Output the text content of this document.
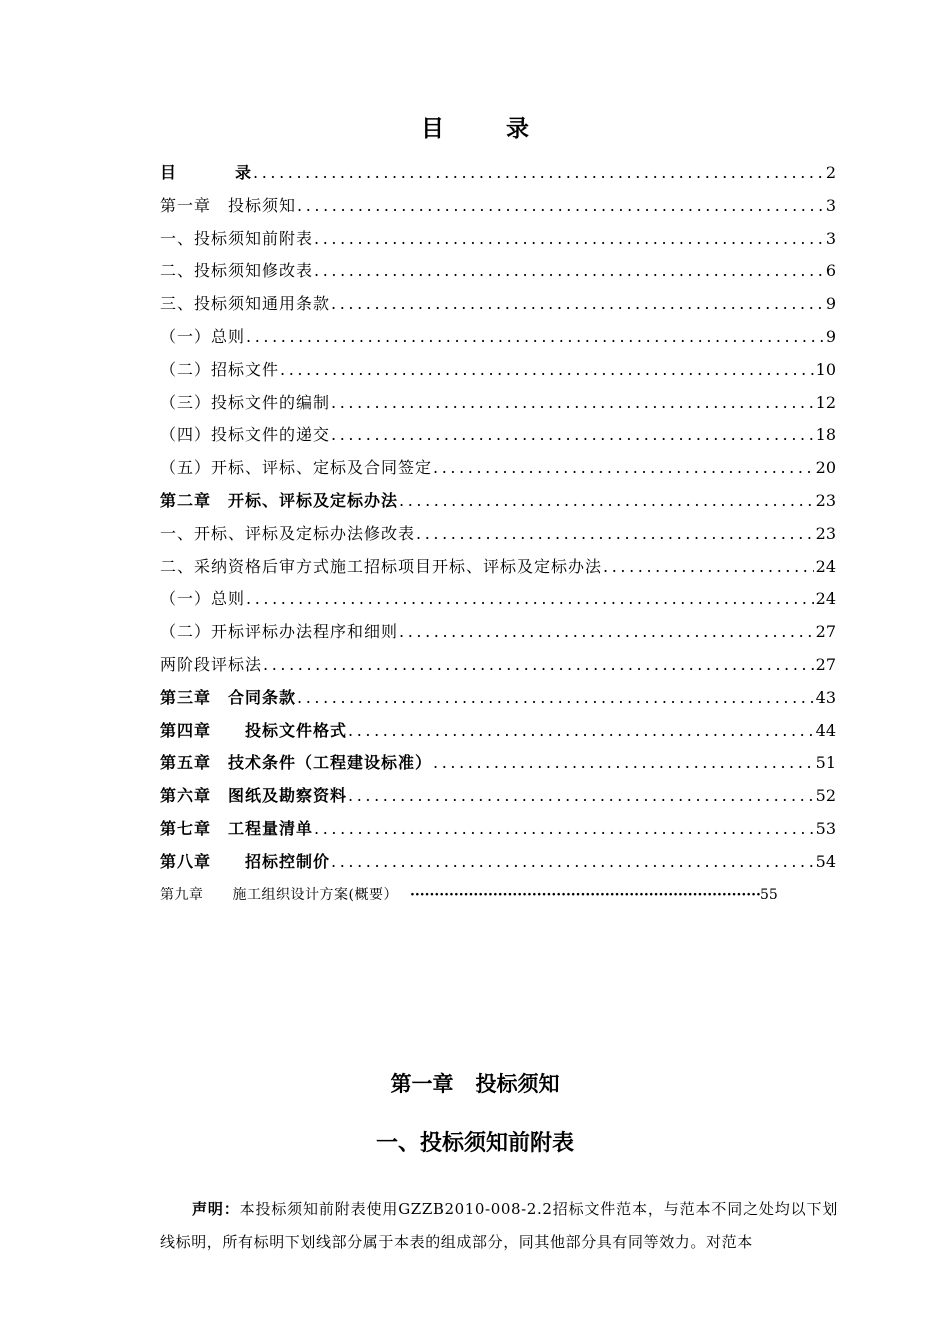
目	录
目	录 .....	2
第一章　投标须知 .....	3
一、投标须知前附表 .....	3
二、投标须知修改表 .....	6
三、投标须知通用条款 .....	9
（一）总则 .....	9
（二）招标文件 .....	10
（三）投标文件的编制 .....	12
（四）投标文件的递交 .....	18
（五）开标、评标、定标及合同签定 .....	20
第二章　开标、评标及定标办法 .....	23
一、开标、评标及定标办法修改表 .....	23
二、采纳资格后审方式施工招标项目开标、评标及定标办法 .....	24
（一）总则 .....	24
（二）开标评标办法程序和细则 .....	27
两阶段评标法 .....	27
第三章　合同条款 .....	43
第四章　　投标文件格式 .....	44
第五章　技术条件（工程建设标准） .....	51
第六章　图纸及勘察资料 .....	52
第七章　工程量清单 .....	53
第八章　　招标控制价 .....	54
第九章　　施工组织设计方案(概要） ·····	55
第一章 投标须知
一、投标须知前附表

声明：本投标须知前附表使用GZZB2010-008-2.2招标文件范本，与范本不同之处均以下划线标明，所有标明下划线部分属于本表的组成部分，同其他部分具有同等效力。对范本
